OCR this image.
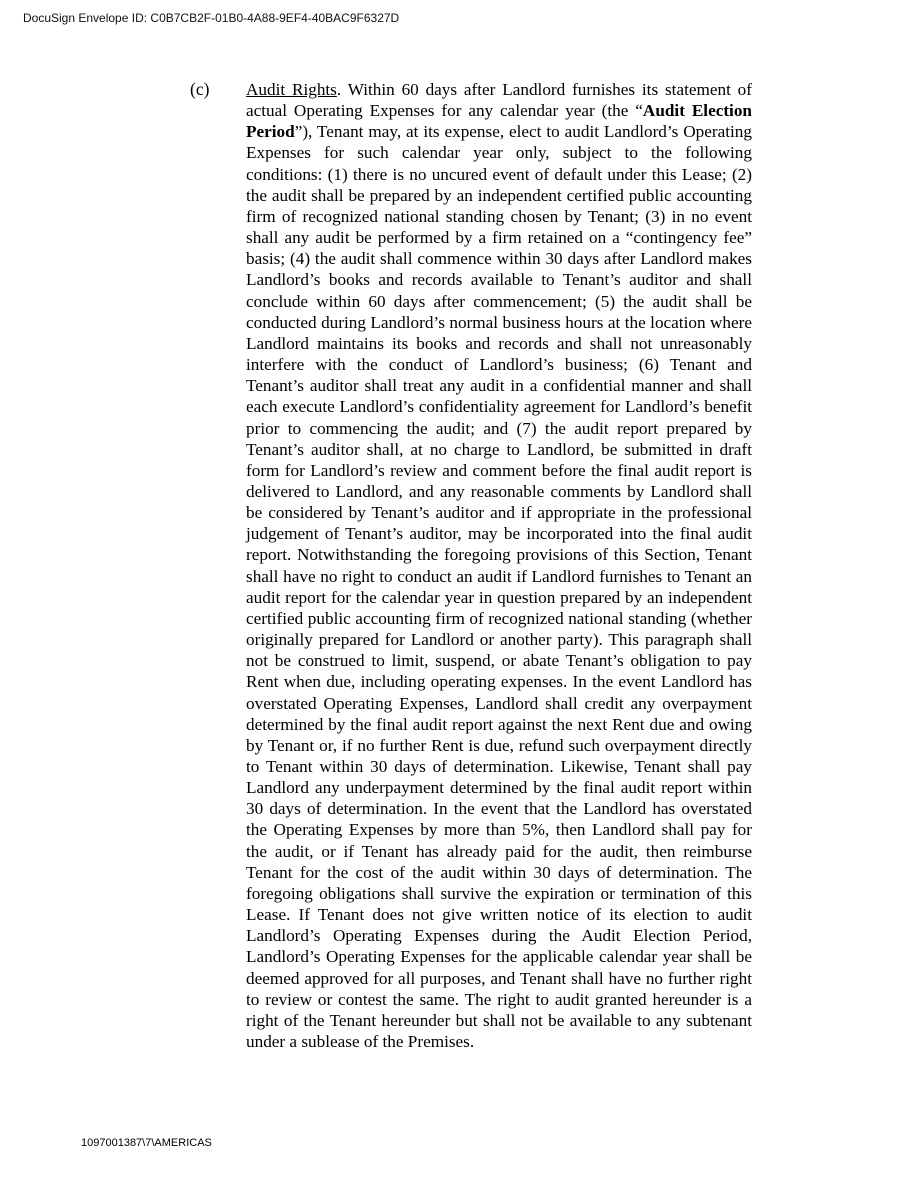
DocuSign Envelope ID: C0B7CB2F-01B0-4A88-9EF4-40BAC9F6327D
(c) Audit Rights. Within 60 days after Landlord furnishes its statement of actual Operating Expenses for any calendar year (the “Audit Election Period”), Tenant may, at its expense, elect to audit Landlord’s Operating Expenses for such calendar year only, subject to the following conditions: (1) there is no uncured event of default under this Lease; (2) the audit shall be prepared by an independent certified public accounting firm of recognized national standing chosen by Tenant; (3) in no event shall any audit be performed by a firm retained on a “contingency fee” basis; (4) the audit shall commence within 30 days after Landlord makes Landlord’s books and records available to Tenant’s auditor and shall conclude within 60 days after commencement; (5) the audit shall be conducted during Landlord’s normal business hours at the location where Landlord maintains its books and records and shall not unreasonably interfere with the conduct of Landlord’s business; (6) Tenant and Tenant’s auditor shall treat any audit in a confidential manner and shall each execute Landlord’s confidentiality agreement for Landlord’s benefit prior to commencing the audit; and (7) the audit report prepared by Tenant’s auditor shall, at no charge to Landlord, be submitted in draft form for Landlord’s review and comment before the final audit report is delivered to Landlord, and any reasonable comments by Landlord shall be considered by Tenant’s auditor and if appropriate in the professional judgement of Tenant’s auditor, may be incorporated into the final audit report. Notwithstanding the foregoing provisions of this Section, Tenant shall have no right to conduct an audit if Landlord furnishes to Tenant an audit report for the calendar year in question prepared by an independent certified public accounting firm of recognized national standing (whether originally prepared for Landlord or another party). This paragraph shall not be construed to limit, suspend, or abate Tenant’s obligation to pay Rent when due, including operating expenses. In the event Landlord has overstated Operating Expenses, Landlord shall credit any overpayment determined by the final audit report against the next Rent due and owing by Tenant or, if no further Rent is due, refund such overpayment directly to Tenant within 30 days of determination. Likewise, Tenant shall pay Landlord any underpayment determined by the final audit report within 30 days of determination. In the event that the Landlord has overstated the Operating Expenses by more than 5%, then Landlord shall pay for the audit, or if Tenant has already paid for the audit, then reimburse Tenant for the cost of the audit within 30 days of determination. The foregoing obligations shall survive the expiration or termination of this Lease. If Tenant does not give written notice of its election to audit Landlord’s Operating Expenses during the Audit Election Period, Landlord’s Operating Expenses for the applicable calendar year shall be deemed approved for all purposes, and Tenant shall have no further right to review or contest the same. The right to audit granted hereunder is a right of the Tenant hereunder but shall not be available to any subtenant under a sublease of the Premises.

1097001387\7\AMERICAS
